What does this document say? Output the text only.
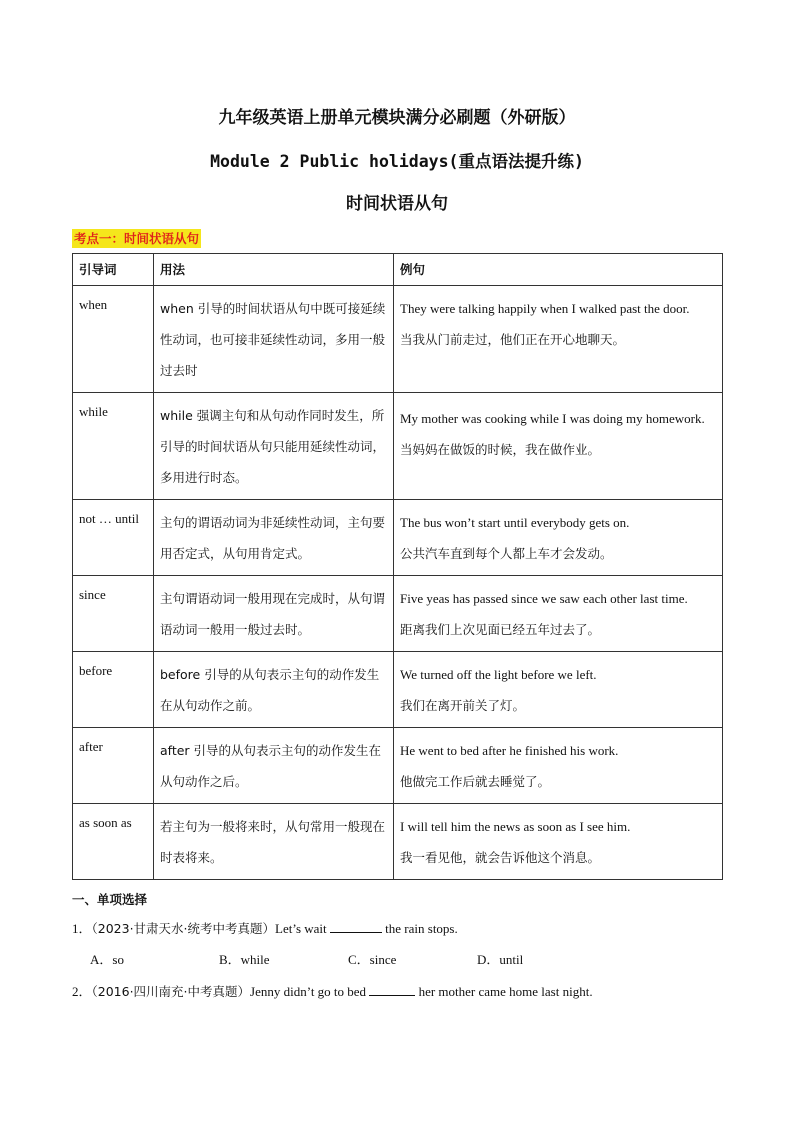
九年级英语上册单元模块满分必刷题（外研版）
Module 2 Public holidays(重点语法提升练)
时间状语从句
考点一：时间状语从句
引导词	用法	例句
when	when 引导的时间状语从句中既可接延续性动词，也可接非延续性动词，多用一般过去时	They were talking happily when I walked past the door.
当我从门前走过，他们正在开心地聊天。

while	while 强调主句和从句动作同时发生，所引导的时间状语从句只能用延续性动词，多用进行时态。	My mother was cooking while I was doing my homework.
当妈妈在做饭的时候，我在做作业。

not … until	主句的谓语动词为非延续性动词，主句要用否定式，从句用肯定式。	The bus won’t start until everybody gets on.
公共汽车直到每个人都上车才会发动。

since	主句谓语动词一般用现在完成时，从句谓语动词一般用一般过去时。	Five yeas has passed since we saw each other last time.
距离我们上次见面已经五年过去了。

before	before 引导的从句表示主句的动作发生在从句动作之前。	We turned off the light before we left.
我们在离开前关了灯。

after	after 引导的从句表示主句的动作发生在从句动作之后。	He went to bed after he finished his work.
他做完工作后就去睡觉了。

as soon as	若主句为一般将来时，从句常用一般现在时表将来。	I will tell him the news as soon as I see him.
我一看见他，就会告诉他这个消息。
一、单项选择
1．（2023·甘肃天水·统考中考真题）Let’s wait	the rain stops.
A．so	B．while	C．since	D．until
2．（2016·四川南充·中考真题）Jenny didn’t go to bed	her mother came home last night.
